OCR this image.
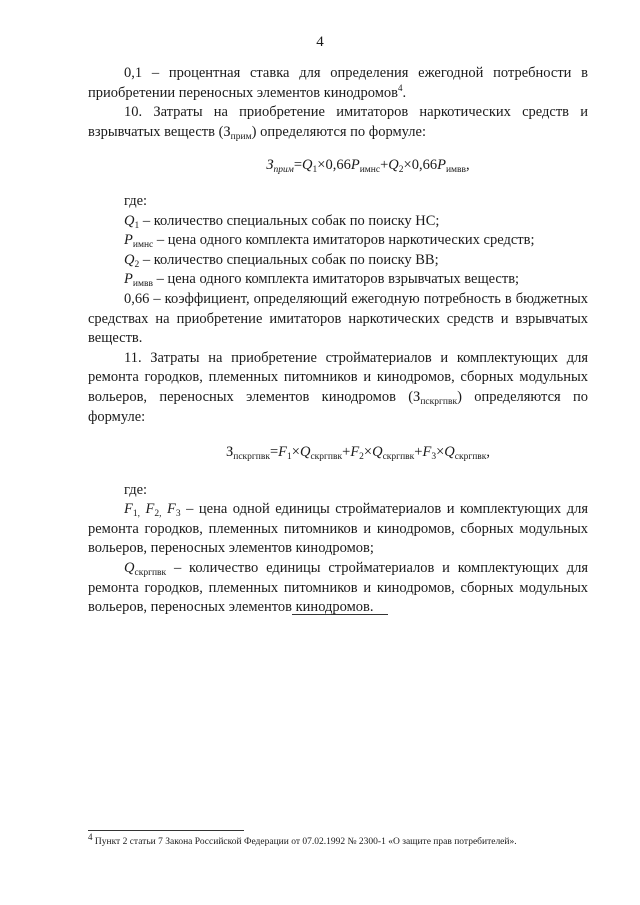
4

0,1 – процентная ставка для определения ежегодной потребности в приобретении переносных элементов кинодромов$^4$.

10. Затраты на приобретение имитаторов наркотических средств и взрывчатых веществ $(З_{прим})$ определяются по формуле:

$З_{прим}=Q_1\times 0,66P_{имнс}+Q_2\times 0,66P_{имвв}$,

где:

$Q_1$ – количество специальных собак по поиску НС;

$P_{имнс}$ – цена одного комплекта имитаторов наркотических средств;

$Q_2$ – количество специальных собак по поиску ВВ;

$P_{имвв}$ – цена одного комплекта имитаторов взрывчатых веществ;

0,66 – коэффициент, определяющий ежегодную потребность в бюджетных средствах на приобретение имитаторов наркотических средств и взрывчатых веществ.

11. Затраты на приобретение стройматериалов и комплектующих для ремонта городков, племенных питомников и кинодромов, сборных модульных вольеров, переносных элементов кинодромов $(З_{пскргпвк})$ определяются по формуле:

$З_{пскргпвк}=F_1\times Q_{скргпвк}+F_2\times Q_{скргпвк}+F_3\times Q_{скргпвк}$,

где:

$F_{1,}$ $F_{2,}$ $F_3$ – цена одной единицы стройматериалов и комплектующих для ремонта городков, племенных питомников и кинодромов, сборных модульных вольеров, переносных элементов кинодромов;

$Q_{скргпвк}$ – количество единицы стройматериалов и комплектующих для ремонта городков, племенных питомников и кинодромов, сборных модульных вольеров, переносных элементов кинодромов.

$^4$ Пункт 2 статьи 7 Закона Российской Федерации от 07.02.1992 № 2300-1 «О защите прав потребителей».
